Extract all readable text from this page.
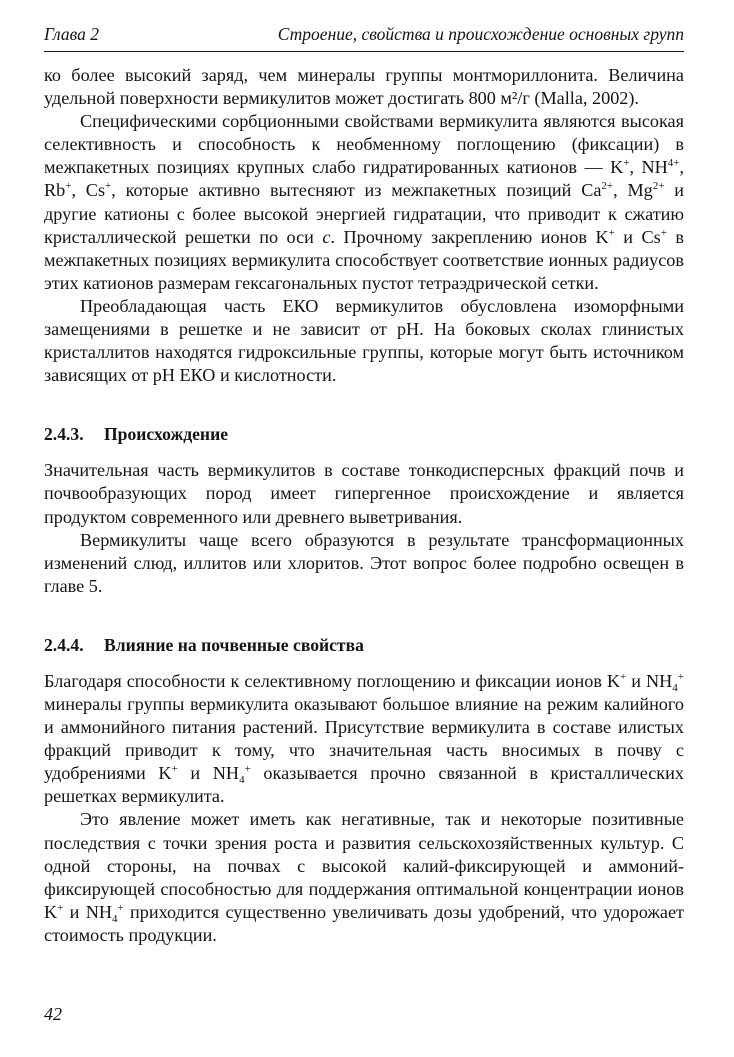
Глава 2	Строение, свойства и происхождение основных групп

ко более высокий заряд, чем минералы группы монтмориллонита. Величина удельной поверхности вермикулитов может достигать 800 м²/г (Malla, 2002).

Специфическими сорбционными свойствами вермикулита являются высокая селективность и способность к необменному поглощению (фиксации) в межпакетных позициях крупных слабо гидратированных катионов — K+, $NH^{4+}$, Rb+, Cs+, которые активно вытесняют из межпакетных позиций $Ca^{2+}$, $Mg^{2+}$ и другие катионы с более высокой энергией гидратации, что приводит к сжатию кристаллической решетки по оси c. Прочному закреплению ионов K+ и Cs+ в межпакетных позициях вермикулита способствует соответствие ионных радиусов этих катионов размерам гексагональных пустот тетраэдрической сетки.

Преобладающая часть ЕКО вермикулитов обусловлена изоморфными замещениями в решетке и не зависит от pH. На боковых сколах глинистых кристаллитов находятся гидроксильные группы, которые могут быть источником зависящих от pH ЕКО и кислотности.

2.4.3. Происхождение

Значительная часть вермикулитов в составе тонкодисперсных фракций почв и почвообразующих пород имеет гипергенное происхождение и является продуктом современного или древнего выветривания.

Вермикулиты чаще всего образуются в результате трансформационных изменений слюд, иллитов или хлоритов. Этот вопрос более подробно освещен в главе 5.

2.4.4. Влияние на почвенные свойства

Благодаря способности к селективному поглощению и фиксации ионов K+ и $NH_4^+$ минералы группы вермикулита оказывают большое влияние на режим калийного и аммонийного питания растений. Присутствие вермикулита в составе илистых фракций приводит к тому, что значительная часть вносимых в почву с удобрениями K+ и $NH_4^+$ оказывается прочно связанной в кристаллических решетках вермикулита.

Это явление может иметь как негативные, так и некоторые позитивные последствия с точки зрения роста и развития сельскохозяйственных культур. С одной стороны, на почвах с высокой калий-фиксирующей и аммоний-фиксирующей способностью для поддержания оптимальной концентрации ионов K+ и $NH_4^+$ приходится существенно увеличивать дозы удобрений, что удорожает стоимость продукции.

42
